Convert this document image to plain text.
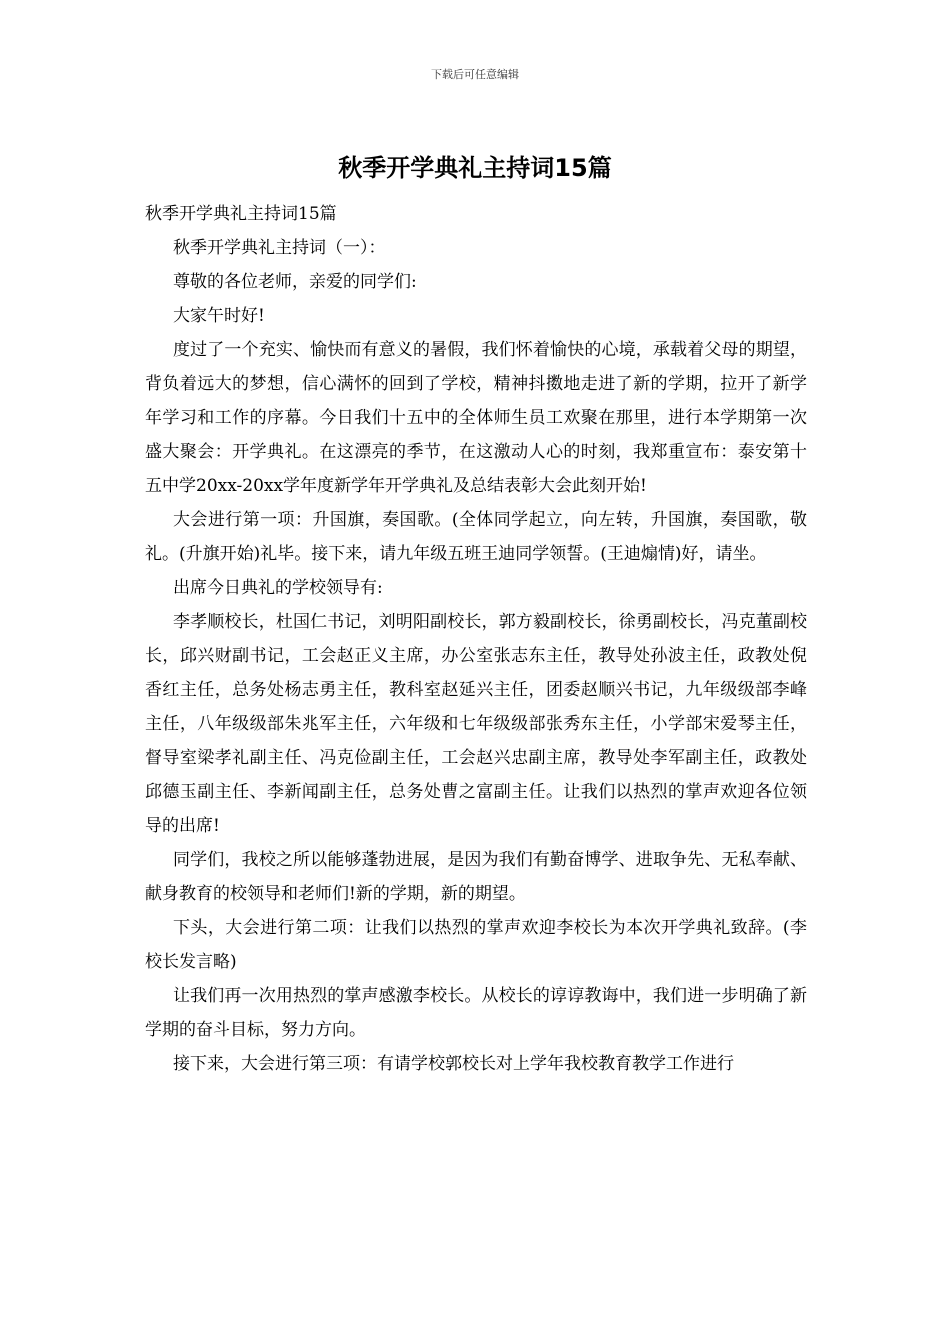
下载后可任意编辑
秋季开学典礼主持词15篇

秋季开学典礼主持词15篇

秋季开学典礼主持词（一）：

尊敬的各位老师，亲爱的同学们:

大家午时好!

度过了一个充实、愉快而有意义的暑假，我们怀着愉快的心境，承载着父母的期望，背负着远大的梦想，信心满怀的回到了学校，精神抖擞地走进了新的学期，拉开了新学年学习和工作的序幕。今日我们十五中的全体师生员工欢聚在那里，进行本学期第一次盛大聚会：开学典礼。在这漂亮的季节，在这激动人心的时刻，我郑重宣布：泰安第十五中学20xx-20xx学年度新学年开学典礼及总结表彰大会此刻开始!

大会进行第一项：升国旗，奏国歌。(全体同学起立，向左转，升国旗，奏国歌，敬礼。(升旗开始)礼毕。接下来，请九年级五班王迪同学领誓。(王迪煽情)好，请坐。

出席今日典礼的学校领导有:

李孝顺校长，杜国仁书记，刘明阳副校长，郭方毅副校长，徐勇副校长，冯克董副校长，邱兴财副书记，工会赵正义主席，办公室张志东主任，教导处孙波主任，政教处倪香红主任，总务处杨志勇主任，教科室赵延兴主任，团委赵顺兴书记，九年级级部李峰主任，八年级级部朱兆军主任，六年级和七年级级部张秀东主任，小学部宋爱琴主任，督导室梁孝礼副主任、冯克俭副主任，工会赵兴忠副主席，教导处李军副主任，政教处邱德玉副主任、李新闻副主任，总务处曹之富副主任。让我们以热烈的掌声欢迎各位领导的出席!

同学们，我校之所以能够蓬勃进展，是因为我们有勤奋博学、进取争先、无私奉献、献身教育的校领导和老师们!新的学期，新的期望。

下头，大会进行第二项：让我们以热烈的掌声欢迎李校长为本次开学典礼致辞。(李校长发言略)

让我们再一次用热烈的掌声感激李校长。从校长的谆谆教诲中，我们进一步明确了新学期的奋斗目标，努力方向。

接下来，大会进行第三项：有请学校郭校长对上学年我校教育教学工作进行
